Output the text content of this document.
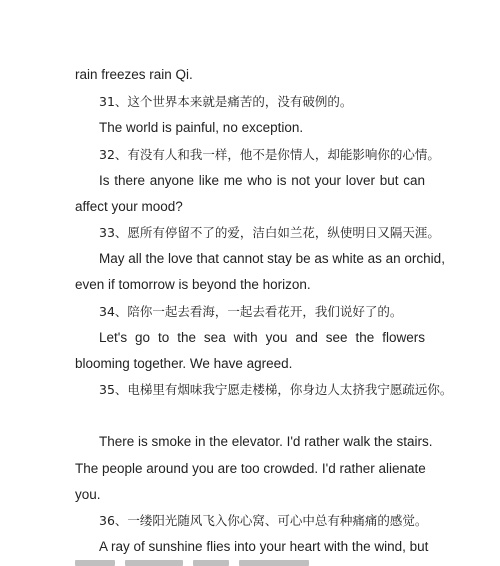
rain freezes rain Qi.
31、这个世界本来就是痛苦的，没有破例的。
The world is painful, no exception.
32、有没有人和我一样，他不是你情人，却能影响你的心情。
Is there anyone like me who is not your lover but can
affect your mood?
33、愿所有停留不了的爱，洁白如兰花，纵使明日又隔天涯。
May all the love that cannot stay be as white as an orchid,
even if tomorrow is beyond the horizon.
34、陪你一起去看海，一起去看花开，我们说好了的。
Let's go to the sea with you and see the flowers
blooming together. We have agreed.
35、电梯里有烟味我宁愿走楼梯，你身边人太挤我宁愿疏远你。
There is smoke in the elevator. I'd rather walk the stairs.
The people around you are too crowded. I'd rather alienate
you.
36、一缕阳光随风飞入你心窝、可心中总有种痛痛的感觉。
A ray of sunshine flies into your heart with the wind, but
